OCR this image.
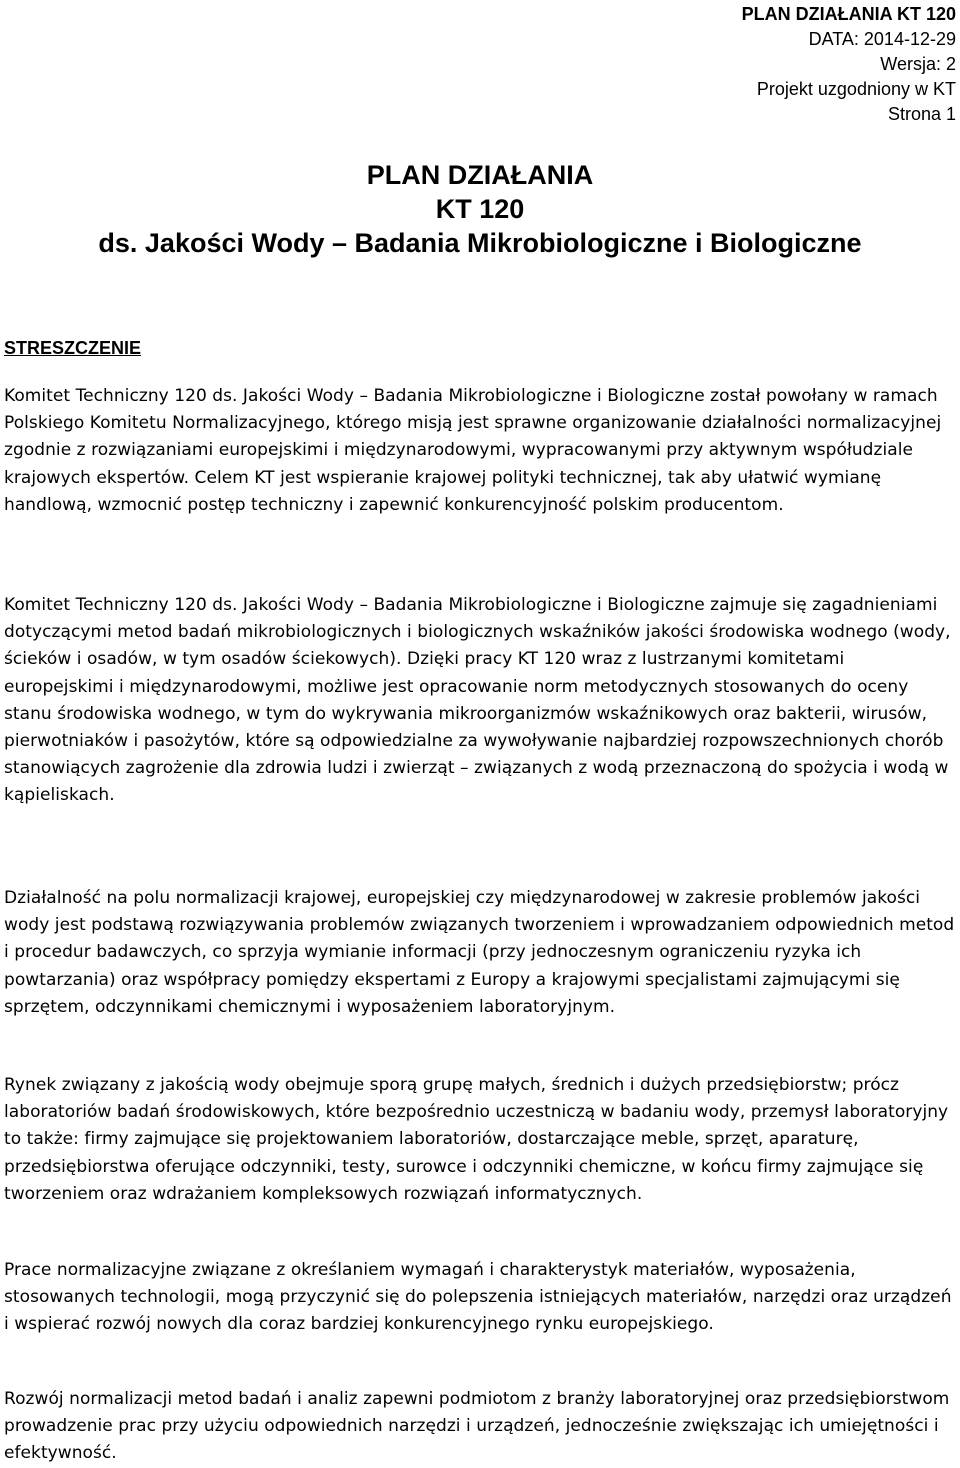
PLAN DZIAŁANIA KT 120
DATA: 2014-12-29
Wersja: 2
Projekt uzgodniony w KT
Strona 1
PLAN DZIAŁANIA
KT 120
ds. Jakości Wody – Badania Mikrobiologiczne i Biologiczne
STRESZCZENIE

Komitet Techniczny 120 ds. Jakości Wody – Badania Mikrobiologiczne i Biologiczne został powołany w ramach Polskiego Komitetu Normalizacyjnego, którego misją jest sprawne organizowanie działalności normalizacyjnej zgodnie z rozwiązaniami europejskimi i międzynarodowymi, wypracowanymi przy aktywnym współudziale krajowych ekspertów. Celem KT jest wspieranie krajowej polityki technicznej, tak aby ułatwić wymianę handlową, wzmocnić postęp techniczny i zapewnić konkurencyjność polskim producentom.

Komitet Techniczny 120 ds. Jakości Wody – Badania Mikrobiologiczne i Biologiczne zajmuje się zagadnieniami dotyczącymi metod badań mikrobiologicznych i biologicznych wskaźników jakości środowiska wodnego (wody, ścieków i osadów, w tym osadów ściekowych). Dzięki pracy KT 120 wraz z lustrzanymi komitetami europejskimi i międzynarodowymi, możliwe jest opracowanie norm metodycznych stosowanych do oceny stanu środowiska wodnego, w tym do wykrywania mikroorganizmów wskaźnikowych oraz bakterii, wirusów, pierwotniaków i pasożytów, które są odpowiedzialne za wywoływanie najbardziej rozpowszechnionych chorób stanowiących zagrożenie dla zdrowia ludzi i zwierząt – związanych z wodą przeznaczoną do spożycia i wodą w kąpieliskach.

Działalność na polu normalizacji krajowej, europejskiej czy międzynarodowej w zakresie problemów jakości wody jest podstawą rozwiązywania problemów związanych tworzeniem i wprowadzaniem odpowiednich metod i procedur badawczych, co sprzyja wymianie informacji (przy jednoczesnym ograniczeniu ryzyka ich powtarzania) oraz współpracy pomiędzy ekspertami z Europy a krajowymi specjalistami zajmującymi się sprzętem, odczynnikami chemicznymi i wyposażeniem laboratoryjnym.

Rynek związany z jakością wody obejmuje sporą grupę małych, średnich i dużych przedsiębiorstw; prócz laboratoriów badań środowiskowych, które bezpośrednio uczestniczą w badaniu wody, przemysł laboratoryjny to także: firmy zajmujące się projektowaniem laboratoriów, dostarczające meble, sprzęt, aparaturę, przedsiębiorstwa oferujące odczynniki, testy, surowce i odczynniki chemiczne, w końcu firmy zajmujące się tworzeniem oraz wdrażaniem kompleksowych rozwiązań informatycznych.

Prace normalizacyjne związane z określaniem wymagań i charakterystyk materiałów, wyposażenia, stosowanych technologii, mogą przyczynić się do polepszenia istniejących materiałów, narzędzi oraz urządzeń i wspierać rozwój nowych dla coraz bardziej konkurencyjnego rynku europejskiego.

Rozwój normalizacji metod badań i analiz zapewni podmiotom z branży laboratoryjnej oraz przedsiębiorstwom prowadzenie prac przy użyciu odpowiednich narzędzi i urządzeń, jednocześnie zwiększając ich umiejętności i efektywność.
